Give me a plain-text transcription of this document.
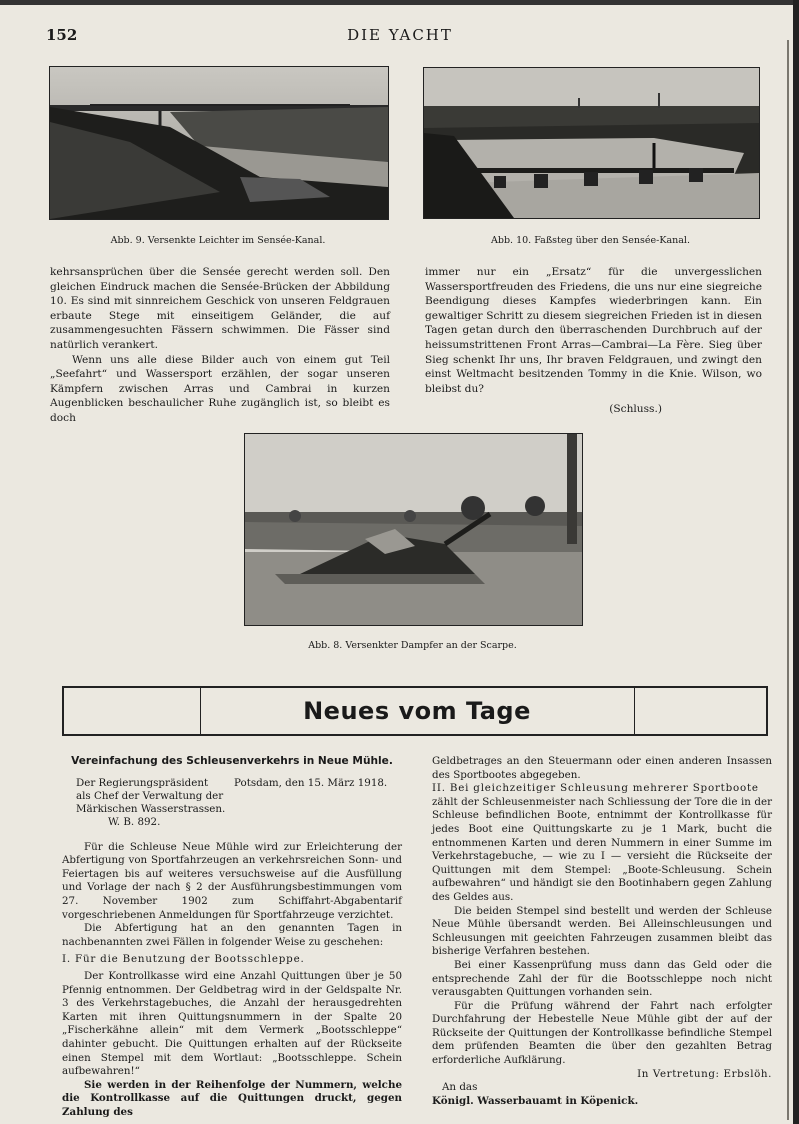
152	DIE YACHT
Abb. 9. Versenkte Leichter im Sensée-Kanal.	Abb. 10. Faßsteg über den Sensée-Kanal.

kehrsansprüchen über die Sensée gerecht werden soll. Den gleichen Eindruck machen die Sensée-Brücken der Abbildung 10. Es sind mit sinnreichem Geschick von unseren Feldgrauen erbaute Stege mit einseitigem Geländer, die auf zusammengesuchten Fässern schwimmen. Die Fässer sind natürlich verankert.

Wenn uns alle diese Bilder auch von einem gut Teil „Seefahrt“ und Wassersport erzählen, der sogar unseren Kämpfern zwischen Arras und Cambrai in kurzen Augenblicken beschaulicher Ruhe zugänglich ist, so bleibt es doch

immer nur ein „Ersatz“ für die unvergesslichen Wassersportfreuden des Friedens, die uns nur eine siegreiche Beendigung dieses Kampfes wiederbringen kann. Ein gewaltiger Schritt zu diesem siegreichen Frieden ist in diesen Tagen getan durch den überraschenden Durchbruch auf der heissumstrittenen Front Arras—Cambrai—La Fère. Sieg über Sieg schenkt Ihr uns, Ihr braven Feldgrauen, und zwingt den einst Weltmacht besitzenden Tommy in die Knie. Wilson, wo bleibst du?

(Schluss.)

Abb. 8. Versenkter Dampfer an der Scarpe.
Neues vom Tage
Vereinfachung des Schleusenverkehrs in Neue Mühle.
Der Regierungspräsident
als Chef der Verwaltung der
Märkischen Wasserstrassen.
W. B. 892.
Potsdam, den 15. März 1918.

Für die Schleuse Neue Mühle wird zur Erleichterung der Abfertigung von Sportfahrzeugen an verkehrsreichen Sonn- und Feiertagen bis auf weiteres versuchsweise auf die Ausfüllung und Vorlage der nach § 2 der Ausführungsbestimmungen vom 27. November 1902 zum Schiffahrt-Abgabentarif vorgeschriebenen Anmeldungen für Sportfahrzeuge verzichtet.

Die Abfertigung hat an den genannten Tagen in nachbenannten zwei Fällen in folgender Weise zu geschehen:

I. Für die Benutzung der Bootsschleppe.

Der Kontrollkasse wird eine Anzahl Quittungen über je 50 Pfennig entnommen. Der Geldbetrag wird in der Geldspalte Nr. 3 des Verkehrstagebuches, die Anzahl der herausgedrehten Karten mit ihren Quittungsnummern in der Spalte 20 „Fischerkähne allein“ mit dem Vermerk „Bootsschleppe“ dahinter gebucht. Die Quittungen erhalten auf der Rückseite einen Stempel mit dem Wortlaut: „Bootsschleppe. Schein aufbewahren!“

Sie werden in der Reihenfolge der Nummern, welche die Kontrollkasse auf die Quittungen druckt, gegen Zahlung des

Geldbetrages an den Steuermann oder einen anderen Insassen des Sportbootes abgegeben.

II. Bei gleichzeitiger Schleusung mehrerer Sportboote

zählt der Schleusenmeister nach Schliessung der Tore die in der Schleuse befindlichen Boote, entnimmt der Kontrollkasse für jedes Boot eine Quittungskarte zu je 1 Mark, bucht die entnommenen Karten und deren Nummern in einer Summe im Verkehrstagebuche, — wie zu I — versieht die Rückseite der Quittungen mit dem Stempel: „Boote-Schleusung. Schein aufbewahren“ und händigt sie den Bootinhabern gegen Zahlung des Geldes aus.

Die beiden Stempel sind bestellt und werden der Schleuse Neue Mühle übersandt werden. Bei Alleinschleusungen und Schleusungen mit geeichten Fahrzeugen zusammen bleibt das bisherige Verfahren bestehen.

Bei einer Kassenprüfung muss dann das Geld oder die entsprechende Zahl der für die Bootsschleppe noch nicht verausgabten Quittungen vorhanden sein.

Für die Prüfung während der Fahrt nach erfolgter Durchfahrung der Hebestelle Neue Mühle gibt der auf der Rückseite der Quittungen der Kontrollkasse befindliche Stempel dem prüfenden Beamten die über den gezahlten Betrag erforderliche Aufklärung.

In Vertretung: Erbslöh.

An das

Königl. Wasserbauamt in Köpenick.
